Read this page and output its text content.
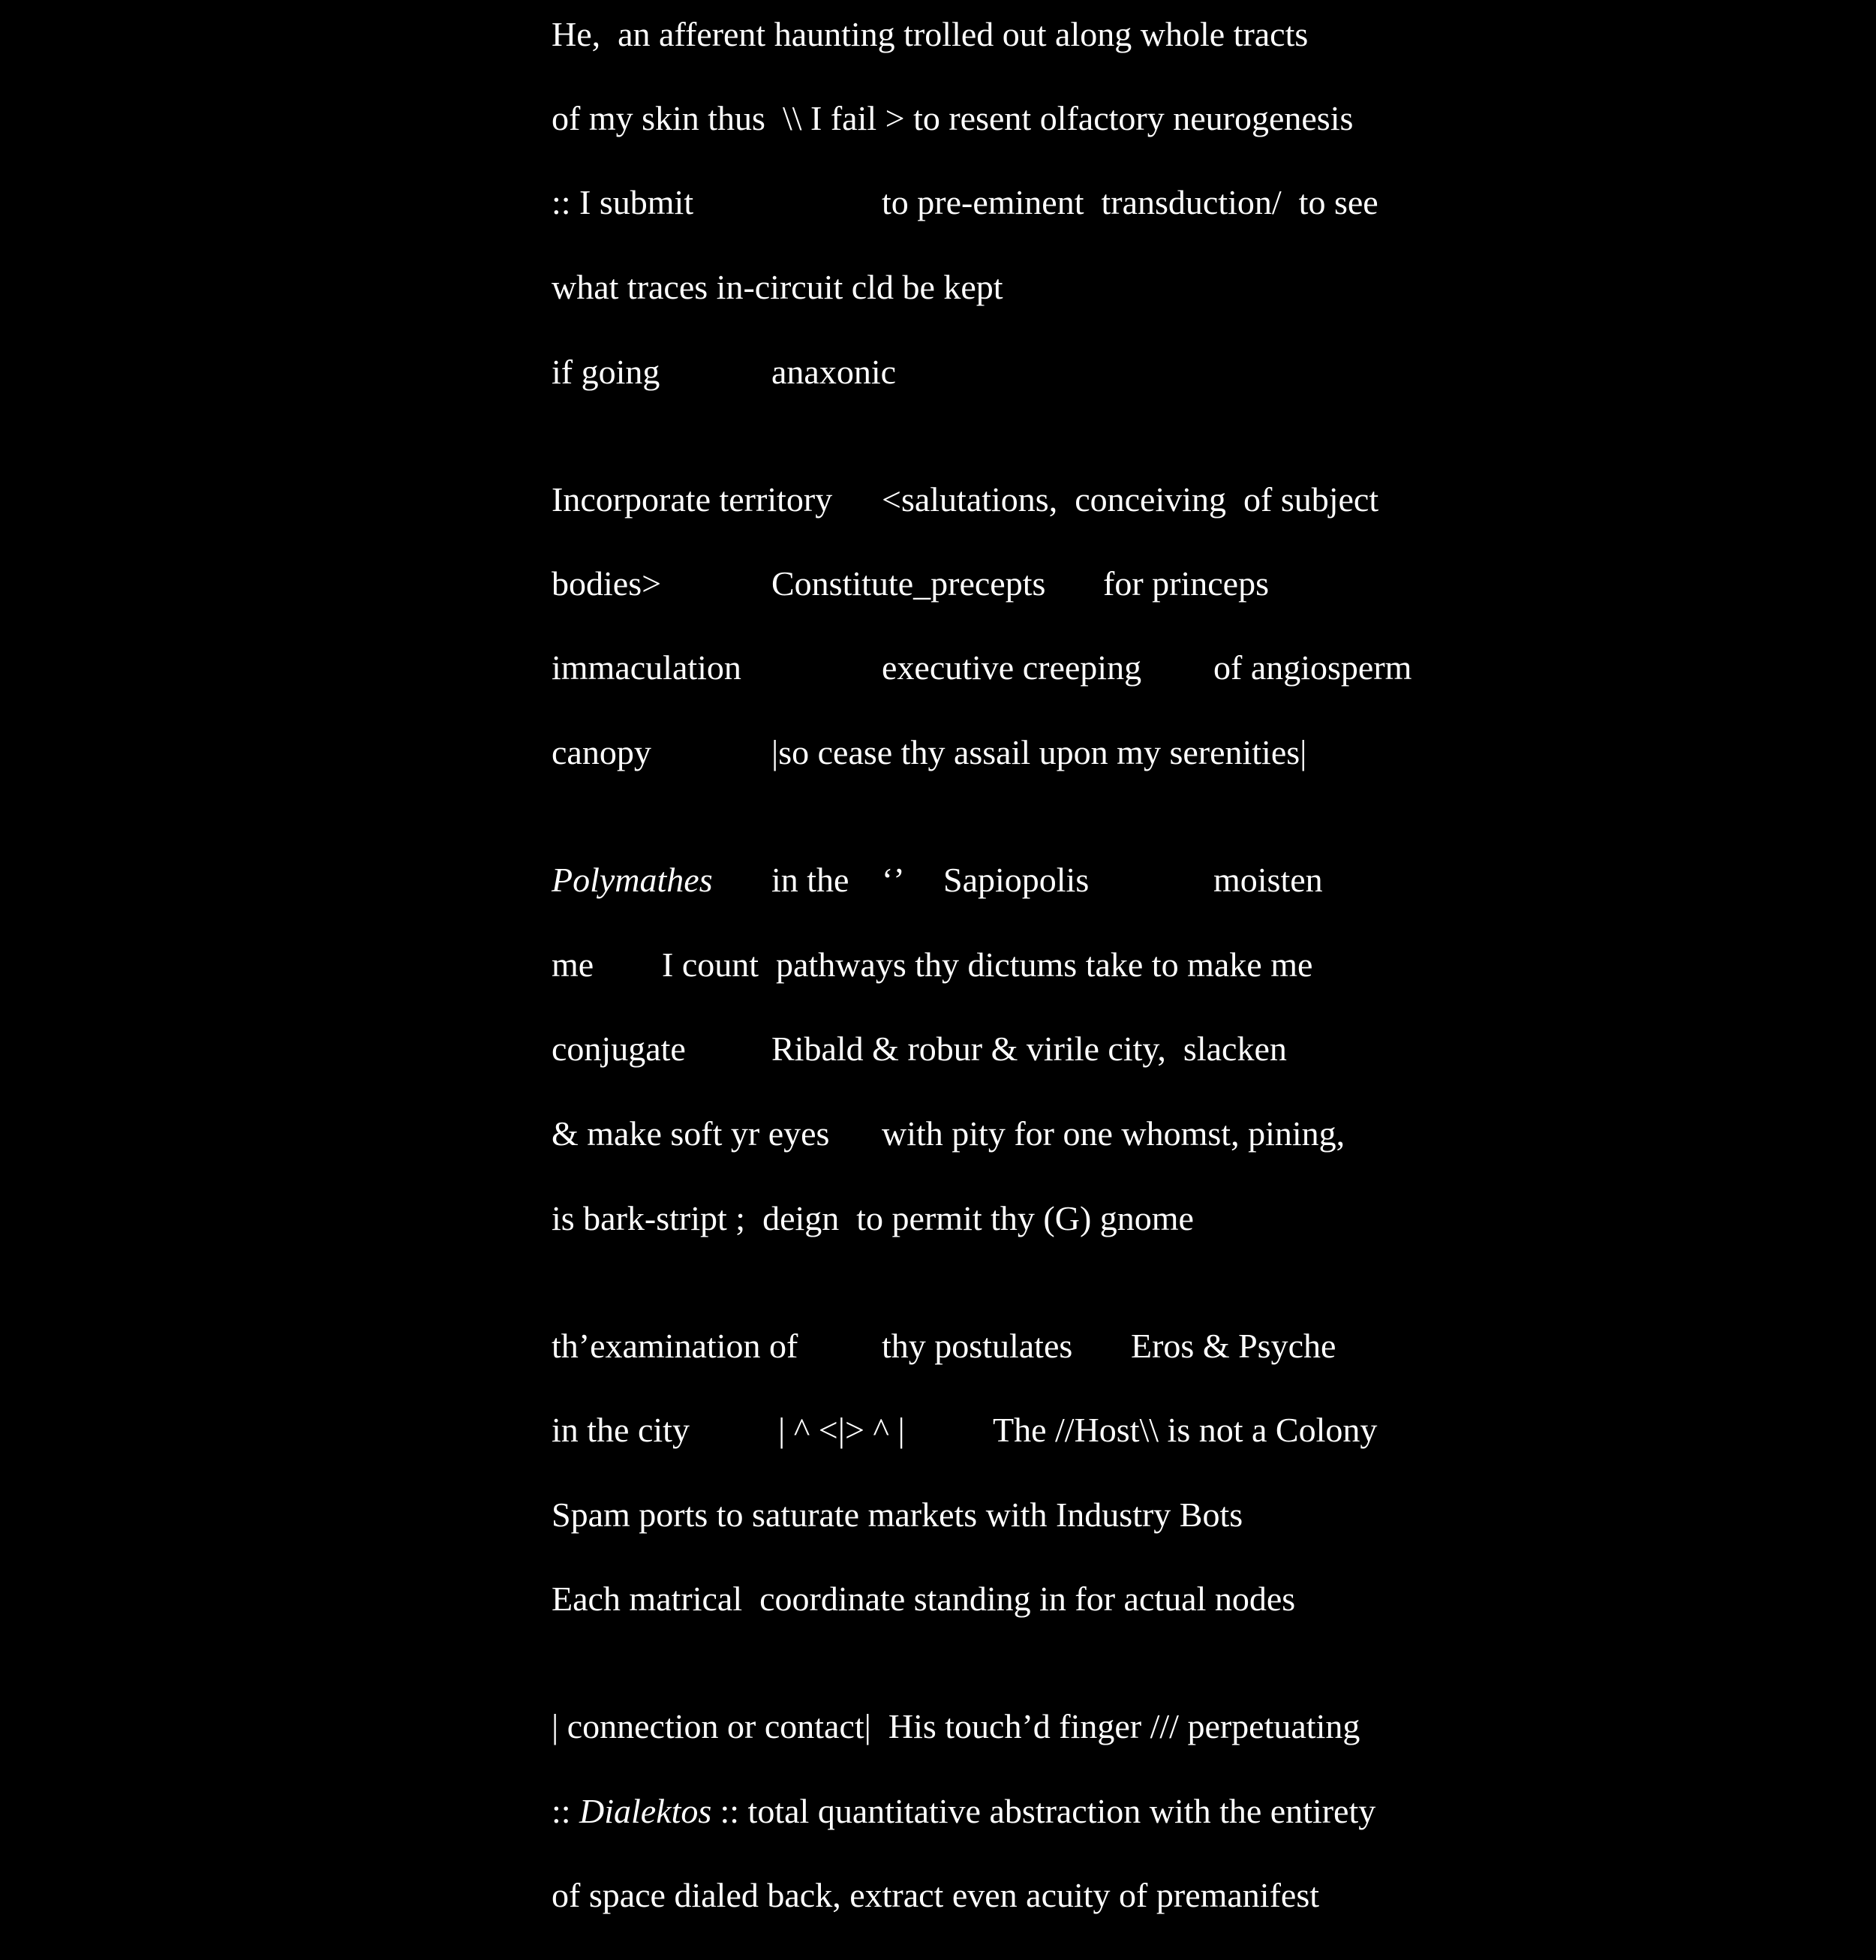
He,  an afferent haunting trolled out along whole tracts
of my skin thus  \\ I fail > to resent olfactory neurogenesis
:: I submit	to pre-eminent  transduction/  to see
what traces in-circuit cld be kept
if going	anaxonic
Incorporate territory <salutations,  conceiving  of subject
bodies>	Constitute_precepts for princeps
immaculation	executive creeping of angiosperm
canopy	|so cease thy assail upon my serenities|
Polymathes in the ‘’ Sapiopolis	moisten
me I count  pathways thy dictums take to make me
conjugate Ribald & robur & virile city,  slacken
& make soft yr eyes with pity for one whomst, pining,
is bark-stript ;  deign  to permit thy (G) gnome
th’examination of thy postulates Eros & Psyche
in the city	| ^ <|> ^ |	The //Host\\ is not a Colony
Spam ports to saturate markets with Industry Bots
Each matrical  coordinate standing in for actual nodes
| connection or contact|  His touch’d finger /// perpetuating
:: Dialektos :: total quantitative abstraction with the entirety
of space dialed back, extract even acuity of premanifest
